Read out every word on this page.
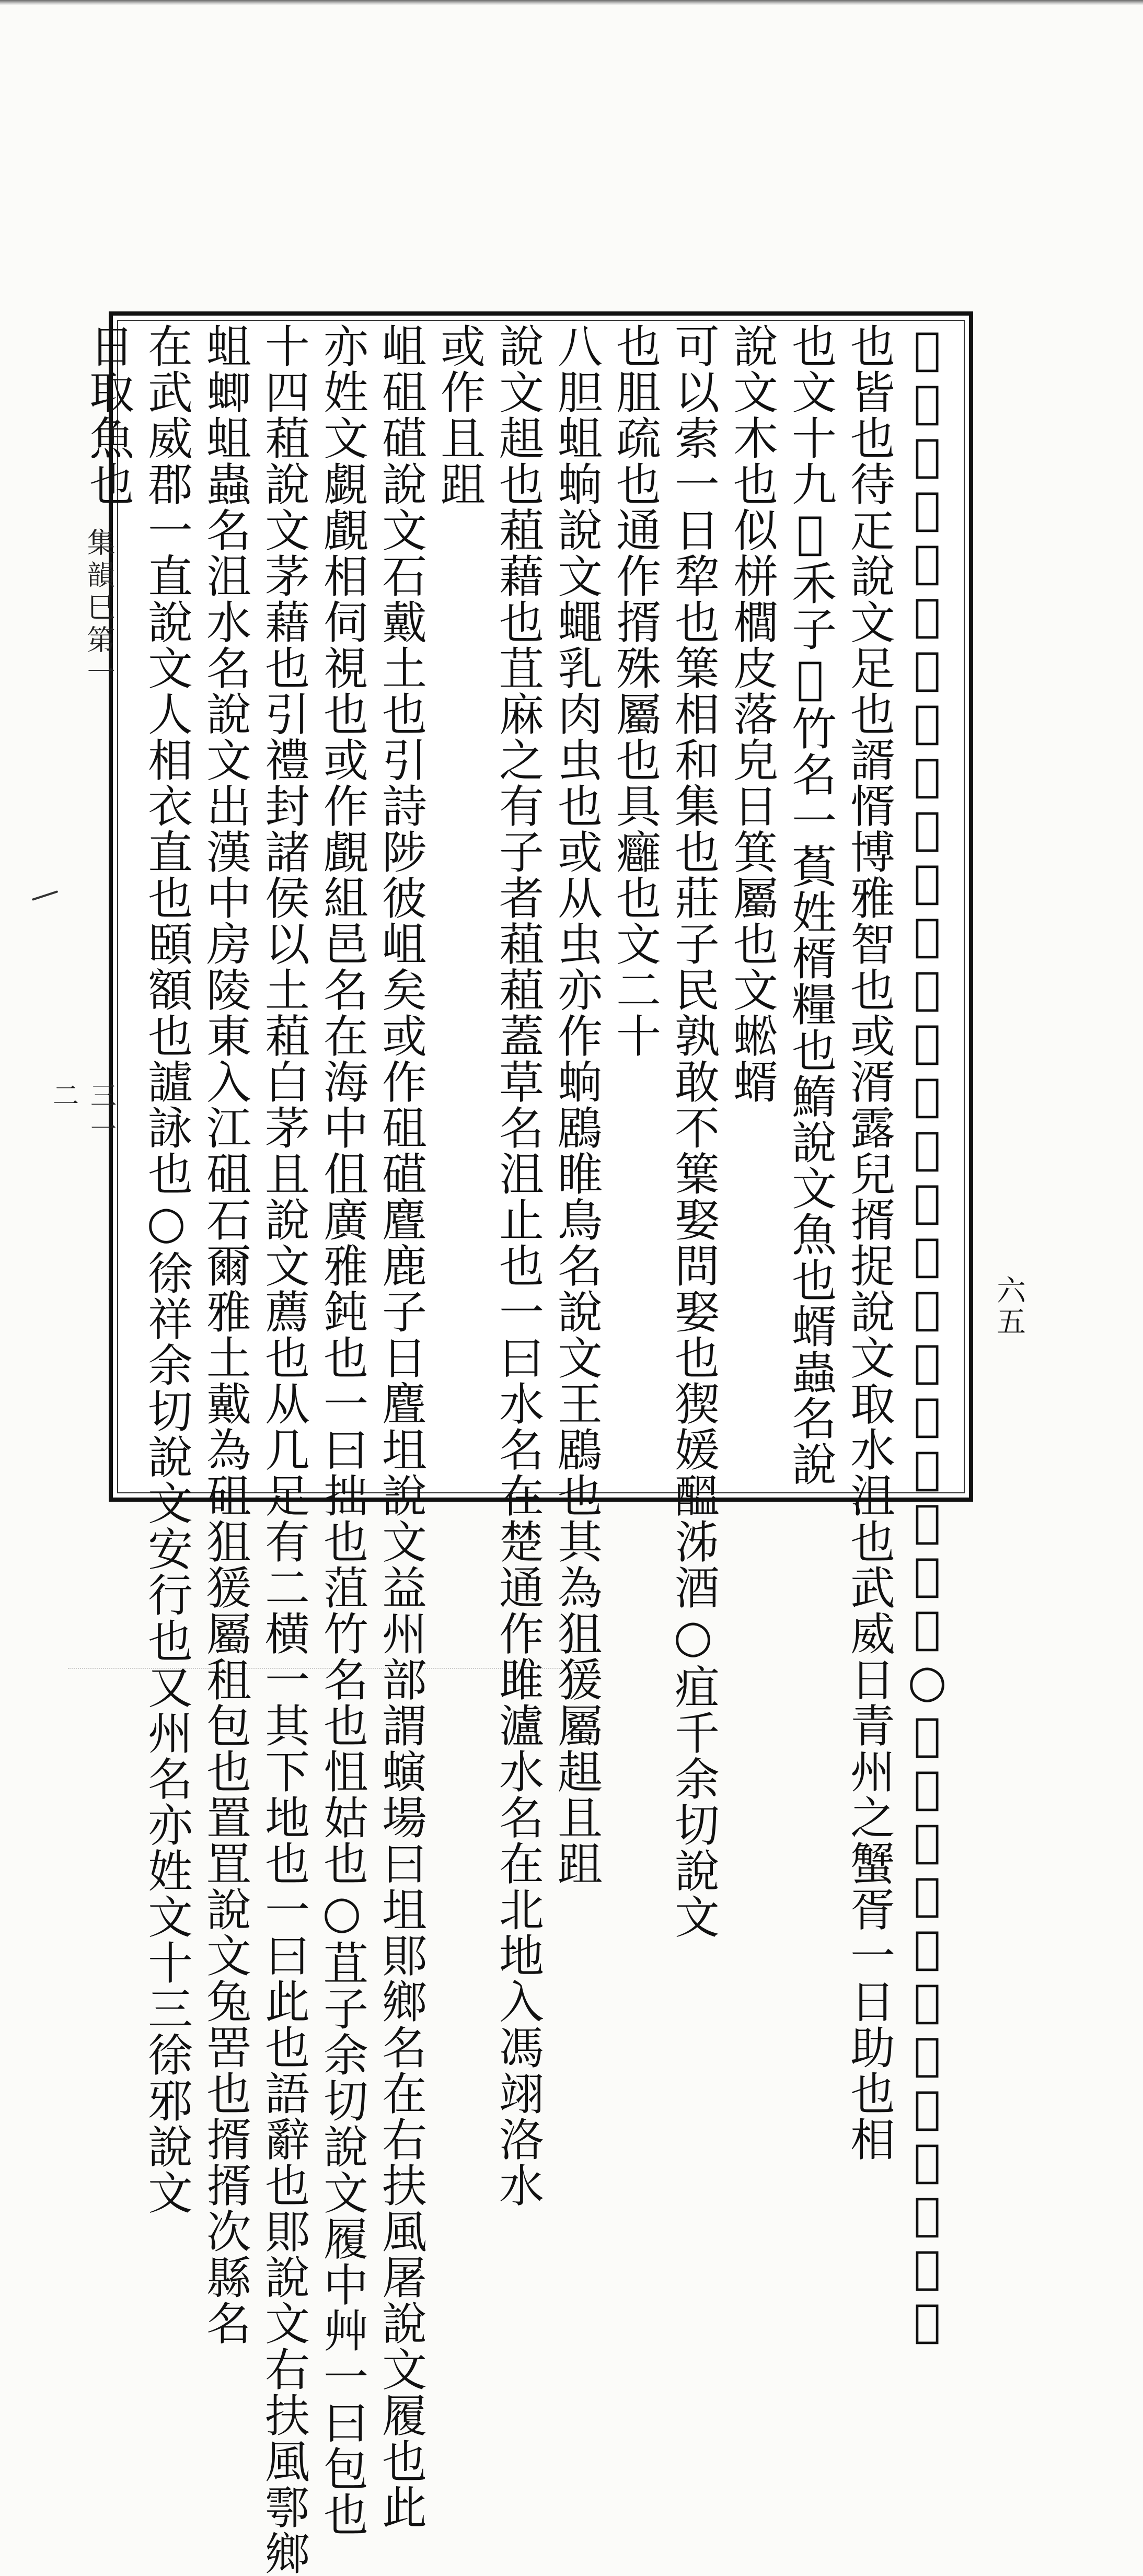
𧆛麥小者𧆛葅闕人名北齊有宋葅婕嫭女字或省𤢦犬狙惡也○胥新於切說文蟹醢也鄭康成
也皆也待𤴓說文足也諝㥠博雅智也或湑露兒揟捉說文取水沮也武威日青州之蟹胥一日助也相
也文十九𥠦禾子𥳇竹名一萯姓楈糧也鰖說文魚也蝑蟲名說
說文木也似栟櫚皮落皃日箕屬也文蜙蝑
可以索一日犂也䈎相和集也莊子民孰敢不䈎娶問娶也猰媛醞泲酒○疽千余切說文
也䏣疏也通作揟殊屬也具癰也文二十
八胆蛆䖮說文蠅乳肉虫也或从虫亦作䖮鶋睢鳥名說文王鶋也其為狙猨屬趄且跙
說文趄也蒩藉也苴麻之有子者蒩蒩蓋草名沮止也一曰水名在楚通作雎瀘水名在北地入馮翊洛水
或作且跙
岨砠䃊說文石戴土也引詩陟彼岨矣或作砠䃊麆鹿子日麆坥說文益州部謂螾場曰坥郥鄉名在右扶風屠說文履也此
亦姓文覷覰相伺視也或作覰組邑名在海中伹廣雅鈍也一曰拙也菹竹名也怚姑也○苴子余切說文履中艸一曰包也
十四蒩說文茅藉也引禮封諸侯以土蒩白茅且說文薦也从几足有二横一其下地也一曰此也語辭也郥說文右扶風鄠鄉
蛆蝍蛆蟲名沮水名說文出漢中房陵東入江砠石爾雅土戴為砠狙猨屬租包也置罝說文兔罟也揟揟次縣名
在武威郡一直說文人相衣直也頣額也謯詠也○徐祥余切說文安行也又州名亦姓文十三徐邪說文
日取魚也
六五
集韻巳第一
三一二
